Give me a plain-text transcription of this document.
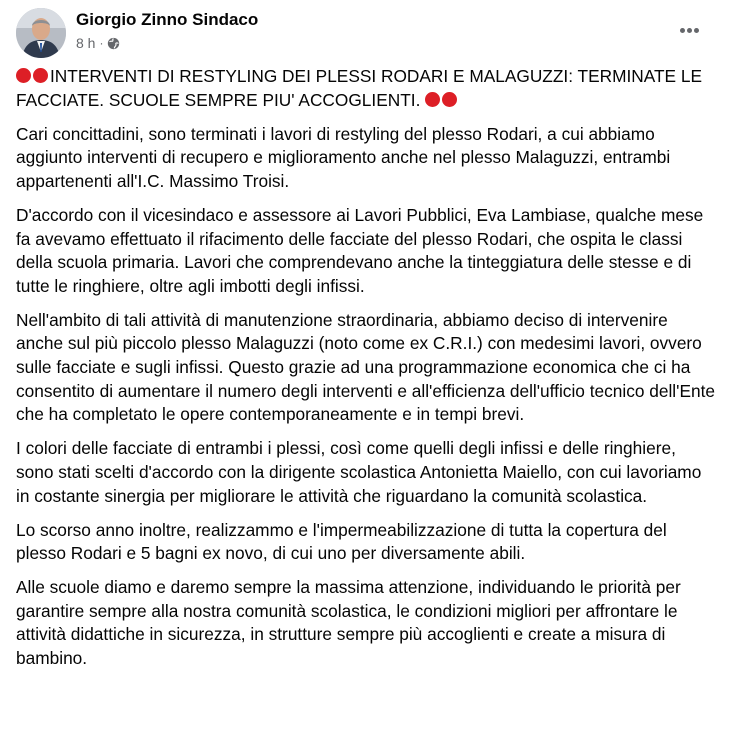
Giorgio Zinno Sindaco
8 h ·

INTERVENTI DI RESTYLING DEI PLESSI RODARI E MALAGUZZI: TERMINATE LE FACCIATE. SCUOLE SEMPRE PIU' ACCOGLIENTI.

Cari concittadini, sono terminati i lavori di restyling del plesso Rodari, a cui abbiamo aggiunto interventi di recupero e miglioramento anche nel plesso Malaguzzi, entrambi appartenenti all'I.C. Massimo Troisi.

D'accordo con il vicesindaco e assessore ai Lavori Pubblici, Eva Lambiase, qualche mese fa avevamo effettuato il rifacimento delle facciate del plesso Rodari, che ospita le classi della scuola primaria. Lavori che comprendevano anche la tinteggiatura delle stesse e di tutte le ringhiere, oltre agli imbotti degli infissi.

Nell'ambito di tali attività di manutenzione straordinaria, abbiamo deciso di intervenire anche sul più piccolo plesso Malaguzzi (noto come ex C.R.I.) con medesimi lavori, ovvero sulle facciate e sugli infissi. Questo grazie ad una programmazione economica che ci ha consentito di aumentare il numero degli interventi e all'efficienza dell'ufficio tecnico dell'Ente che ha completato le opere contemporaneamente e in tempi brevi.

I colori delle facciate di entrambi i plessi, così come quelli degli infissi e delle ringhiere, sono stati scelti d'accordo con la dirigente scolastica Antonietta Maiello, con cui lavoriamo in costante sinergia per migliorare le attività che riguardano la comunità scolastica.

Lo scorso anno inoltre, realizzammo e l'impermeabilizzazione di tutta la copertura del plesso Rodari e 5 bagni ex novo, di cui uno per diversamente abili.

Alle scuole diamo e daremo sempre la massima attenzione, individuando le priorità per garantire sempre alla nostra comunità scolastica, le condizioni migliori per affrontare le attività didattiche in sicurezza, in strutture sempre più accoglienti e create a misura di bambino.
